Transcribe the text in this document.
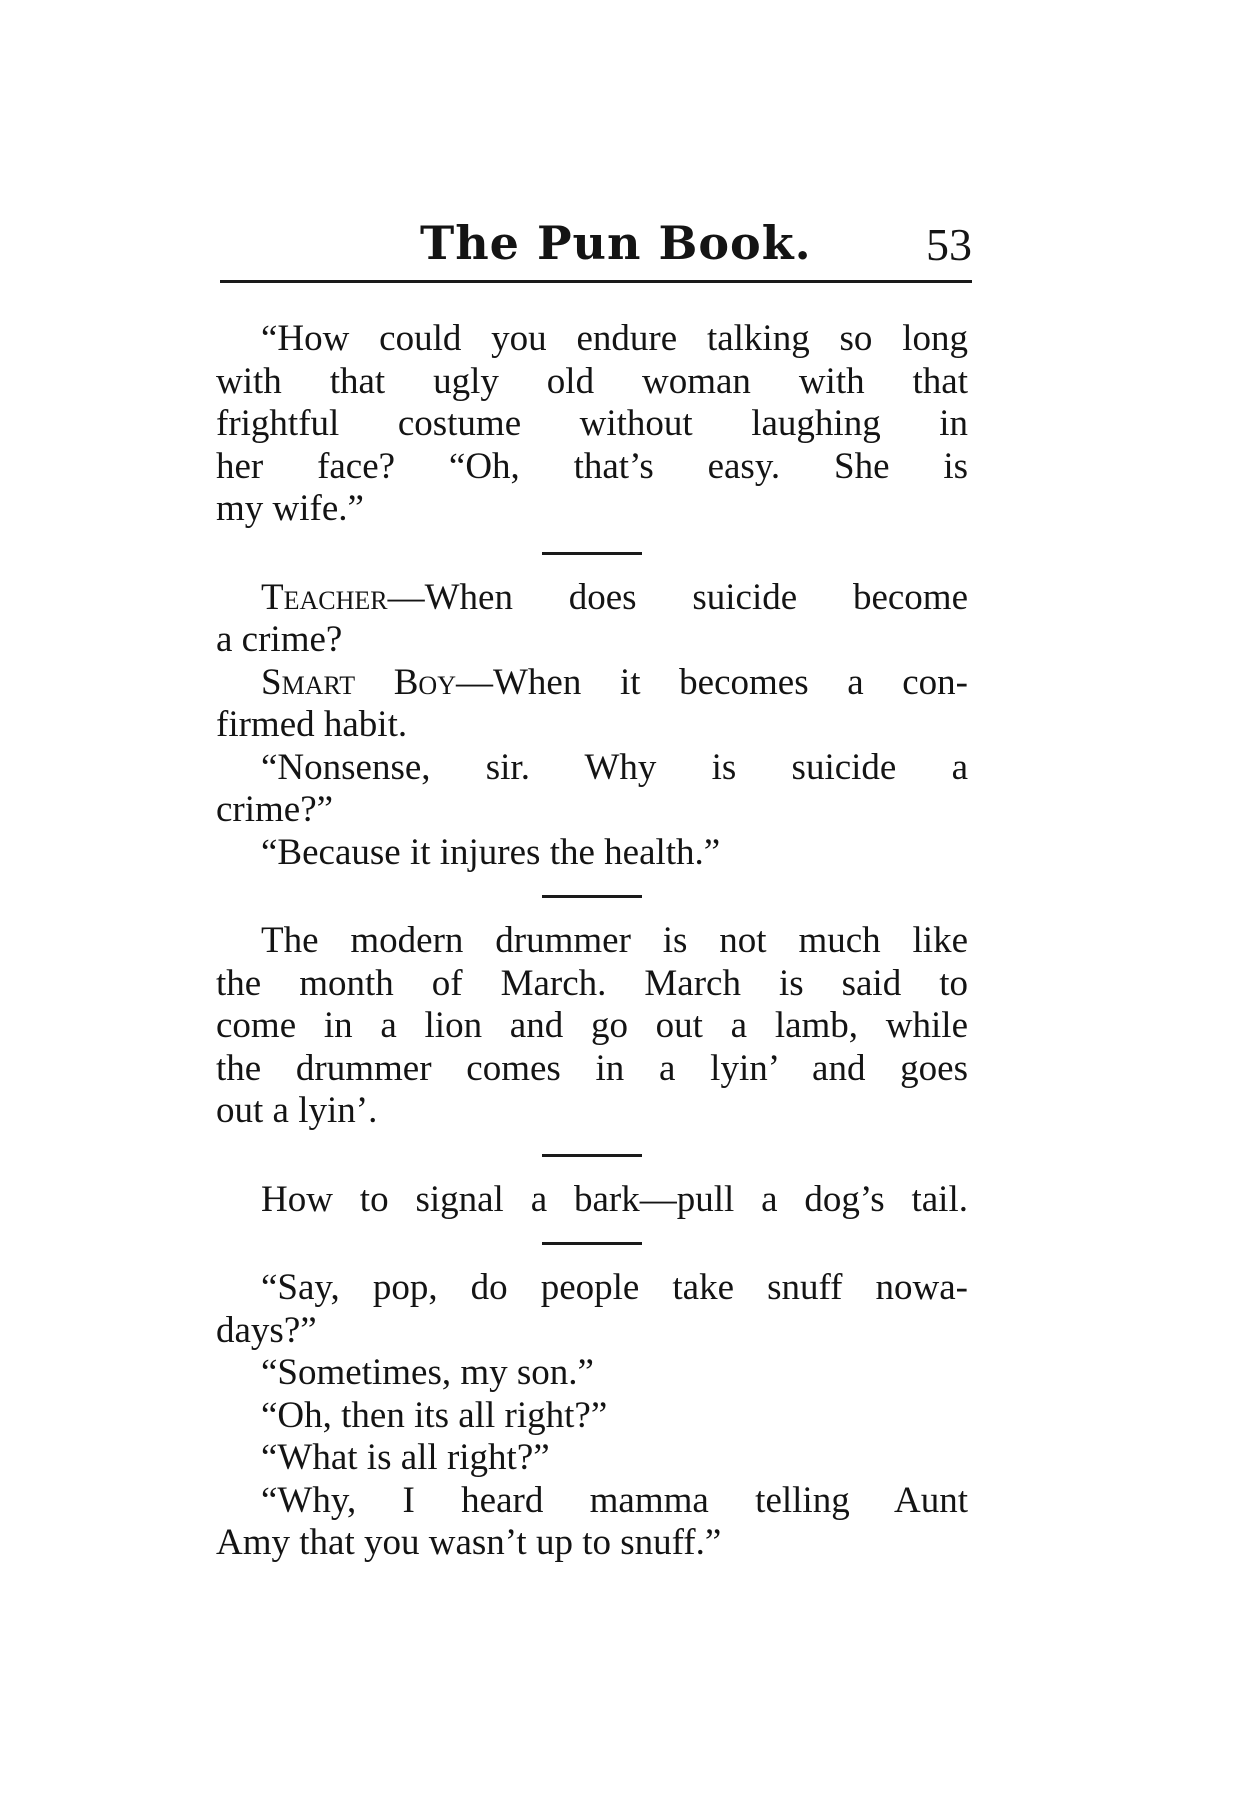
The Pun Book. 53
“How could you endure talking so long
with that ugly old woman with that
frightful costume without laughing in
her face? “Oh, that’s easy. She is
my wife.”
Teacher—When does suicide become
a crime?
Smart Boy—When it becomes a con-
firmed habit.
“Nonsense, sir. Why is suicide a
crime?”
“Because it injures the health.”
The modern drummer is not much like
the month of March. March is said to
come in a lion and go out a lamb, while
the drummer comes in a lyin’ and goes
out a lyin’.
How to signal a bark—pull a dog’s tail.
“Say, pop, do people take snuff nowa-
days?”
“Sometimes, my son.”
“Oh, then its all right?”
“What is all right?”
“Why, I heard mamma telling Aunt
Amy that you wasn’t up to snuff.”
